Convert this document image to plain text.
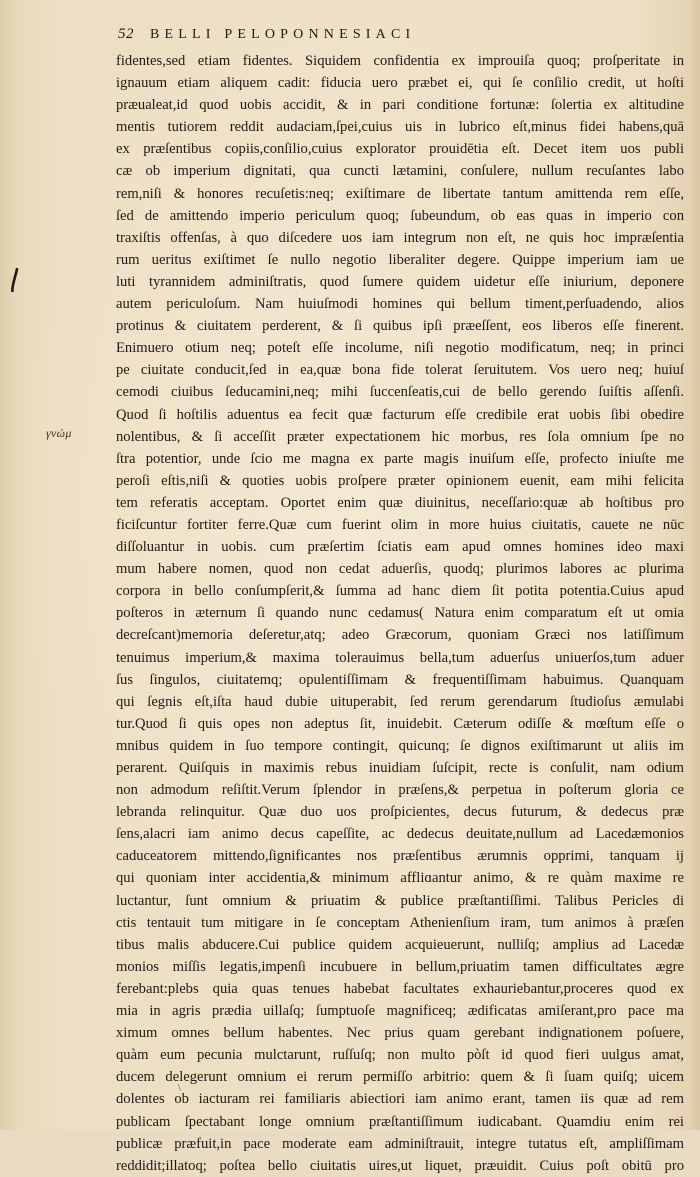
52 BELLI PELOPONNESIACI
γνώμ
fidentes,sed etiam fidentes. Siquidem confidentia ex improuiſa quoq; proſperitate in
ignauum etiam aliquem cadit: fiducia uero præbet ei, qui ſe conſilio credit, ut hoſti
præualeat,id quod uobis accidit, & in pari conditione fortunæ: ſolertia ex altitudine
mentis tutiorem reddit audaciam,ſpei,cuius uis in lubrico eſt,minus fidei habens,quā
ex præſentibus copiis,conſilio,cuius explorator prouidētia eſt. Decet item uos publi
cæ ob imperium dignitati, qua cuncti lætamini, conſulere, nullum recuſantes labo
rem,niſi & honores recuſetis:neq; exiſtimare de libertate tantum amittenda rem eſſe,
ſed de amittendo imperio periculum quoq; ſubeundum, ob eas quas in imperio con
traxiſtis offenſas, à quo diſcedere uos iam integrum non eſt, ne quis hoc impræſentia
rum ueritus exiſtimet ſe nullo negotio liberaliter degere. Quippe imperium iam ue
luti tyrannidem adminiſtratis, quod ſumere quidem uidetur eſſe iniurium, deponere
autem periculoſum. Nam huiuſmodi homines qui bellum timent,perſuadendo, alios
protinus & ciuitatem perderent, & ſi quibus ipſi præeſſent, eos liberos eſſe finerent.
Enimuero otium neq; poteſt eſſe incolume, niſi negotio modificatum, neq; in princi
pe ciuitate conducit,ſed in ea,quæ bona fide tolerat ſeruitutem. Vos uero neq; huiuſ
cemodi ciuibus ſeducamini,neq; mihi ſuccenſeatis,cui de bello gerendo ſuiſtis aſſenſi.
Quod ſi hoſtilis aduentus ea fecit quæ facturum eſſe credibile erat uobis ſibi obedire
nolentibus, & ſi acceſſit præter expectationem hic morbus, res ſola omnium ſpe no
ſtra potentior, unde ſcio me magna ex parte magis inuiſum eſſe, profecto iniuſte me
peroſi eſtis,niſi & quoties uobis proſpere præter opinionem euenit, eam mihi felicita
tem referatis acceptam. Oportet enim quæ diuinitus, neceſſario:quæ ab hoſtibus pro
ficiſcuntur fortiter ferre.Quæ cum fuerint olim in more huius ciuitatis, cauete ne nūc
diſſoluantur in uobis. cum præſertim ſciatis eam apud omnes homines ideo maxi
mum habere nomen, quod non cedat aduerſis, quodq; plurimos labores ac plurima
corpora in bello conſumpſerit,& ſumma ad hanc diem ſit potita potentia.Cuius apud
poſteros in æternum ſi quando nunc cedamus( Natura enim comparatum eſt ut omia
decreſcant)memoria deſeretur,atq; adeo Græcorum, quoniam Græci nos latiſſimum
tenuimus imperium,& maxima tolerauimus bella,tum aduerſus uniuerſos,tum aduer
ſus ſingulos, ciuitatemq; opulentiſſimam & frequentiſſimam habuimus. Quanquam
qui ſegnis eſt,iſta haud dubie uituperabit, ſed rerum gerendarum ſtudioſus æmulabi
tur.Quod ſi quis opes non adeptus ſit, inuidebit. Cæterum odiſſe & mœſtum eſſe o
mnibus quidem in ſuo tempore contingit, quicunq; ſe dignos exiſtimarunt ut aliis im
perarent. Quiſquis in maximis rebus inuidiam ſuſcipit, recte is conſulit, nam odium
non admodum reſiſtit.Verum ſplendor in præſens,& perpetua in poſterum gloria ce
lebranda relinquitur. Quæ duo uos proſpicientes, decus futurum, & dedecus præ
ſens,alacri iam animo decus capeſſite, ac dedecus deuitate,nullum ad Lacedæmonios
caduceatorem mittendo,ſignificantes nos præſentibus ærumnis opprimi, tanquam ij
qui quoniam inter accidentia,& minimum affliɑantur animo, & re quàm maxime re
luctantur, ſunt omnium & priuatim & publice præſtantiſſimi. Talibus Pericles di
ctis tentauit tum mitigare in ſe conceptam Athenienſium iram, tum animos à præſen
tibus malis abducere.Cui publice quidem acquieuerunt, nulliſq; amplius ad Lacedæ
monios miſſis legatis,impenſi incubuere in bellum,priuatim tamen difficultates ægre
ferebant:plebs quia quas tenues habebat facultates exhauriebantur,proceres quod ex
mia in agris prædia uillaſq; ſumptuoſe magnificeq; ædificatas amiſerant,pro pace ma
ximum omnes bellum habentes. Nec prius quam gerebant indignationem poſuere,
quàm eum pecunia mulctarunt, ruſſuſq; non multo pòſt id quod fieri uulgus amat,
ducem delegerunt omnium ei rerum permiſſo arbitrio: quem & ſi ſuam quiſq; uicem
dolentes ob iacturam rei familiaris abiectiori iam animo erant, tamen iis quæ ad rem
publicam ſpectabant longe omnium præſtantiſſimum iudicabant. Quamdiu enim rei
publicæ præfuit,in pace moderate eam adminiſtrauit, integre tutatus eſt, ampliſſimam
reddidit;illatoq; poſtea bello ciuitatis uires,ut liquet, præuidit. Cuius poſt obitū pro
\
